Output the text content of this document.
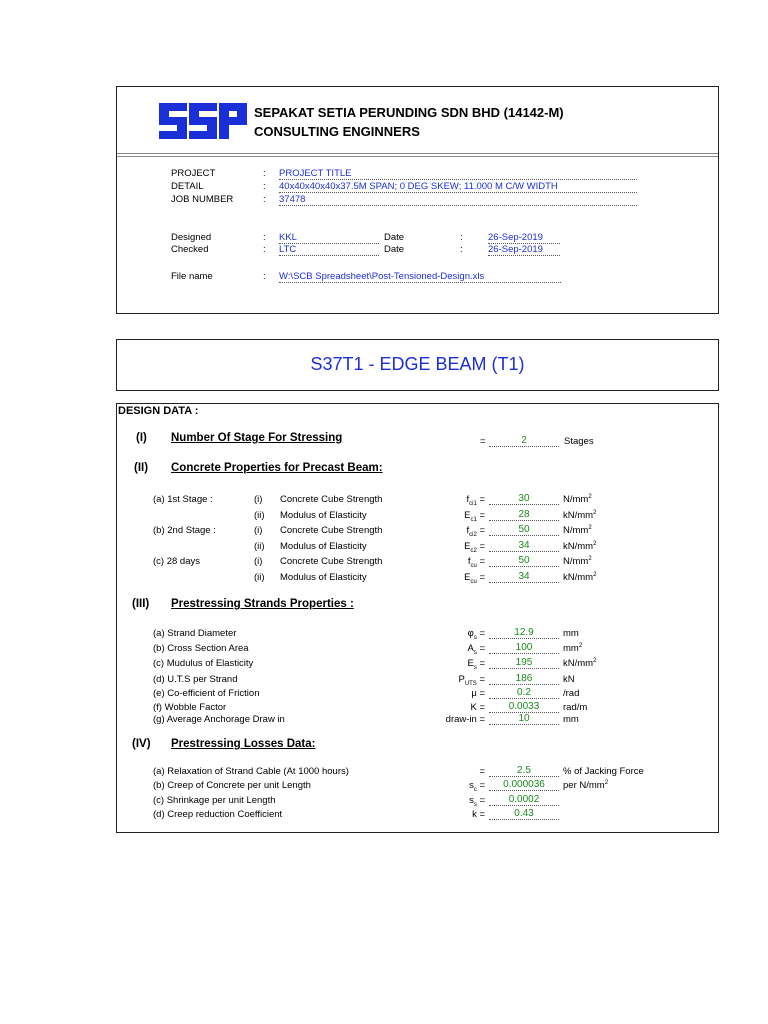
SEPAKAT SETIA PERUNDING SDN BHD (14142-M)
CONSULTING ENGINNERS
PROJECT	: PROJECT TITLE
DETAIL	: 40x40x40x40x37.5M SPAN; 0 DEG SKEW; 11.000 M C/W WIDTH
JOB NUMBER	: 37478
Designed	: KKL	Date	:	26-Sep-2019
Checked	: LTC	Date	:	26-Sep-2019
File name	: W:\SCB Spreadsheet\Post-Tensioned-Design.xls
S37T1 - EDGE BEAM (T1)
DESIGN DATA :
(I) Number Of Stage For Stressing	=	2	Stages
(II) Concrete Properties for Precast Beam:
(a) 1st Stage :	(i) Concrete Cube Strength	$f_{ci1}$ =	30	$N/mm^2$
(ii) Modulus of Elasticity	$E_{c1}$ =	28	$kN/mm^2$
(b) 2nd Stage :	(i) Concrete Cube Strength	$f_{ci2}$ =	50	$N/mm^2$
(ii) Modulus of Elasticity	$E_{c2}$ =	34	$kN/mm^2$
(c) 28 days	(i) Concrete Cube Strength	$f_{cu}$ =	50	$N/mm^2$
(ii) Modulus of Elasticity	$E_{cu}$ =	34	$kN/mm^2$
(III) Prestressing Strands Properties :
(a) Strand Diameter	$\varphi_s$ =	12.9	mm
(b) Cross Section Area	$A_s$ =	100	$mm^2$
(c) Mudulus of Elasticity	$E_s$ =	195	$kN/mm^2$
(d) U.T.S per Strand	$P_{UTS}$ =	186	kN
(e) Co-efficient of Friction	μ =	0.2	/rad
(f) Wobble Factor	K =	0.0033	rad/m
(g) Average Anchorage Draw in	draw-in =	10	mm
(IV) Prestressing Losses Data:
(a) Relaxation of Strand Cable (At 1000 hours)	=	2.5	% of Jacking Force
(b) Creep of Concrete per unit Length	$s_c$ =	0.000036	per $N/mm^2$
(c) Shrinkage per unit Length	$s_s$ =	0.0002
(d) Creep reduction Coefficient	k =	0.43
